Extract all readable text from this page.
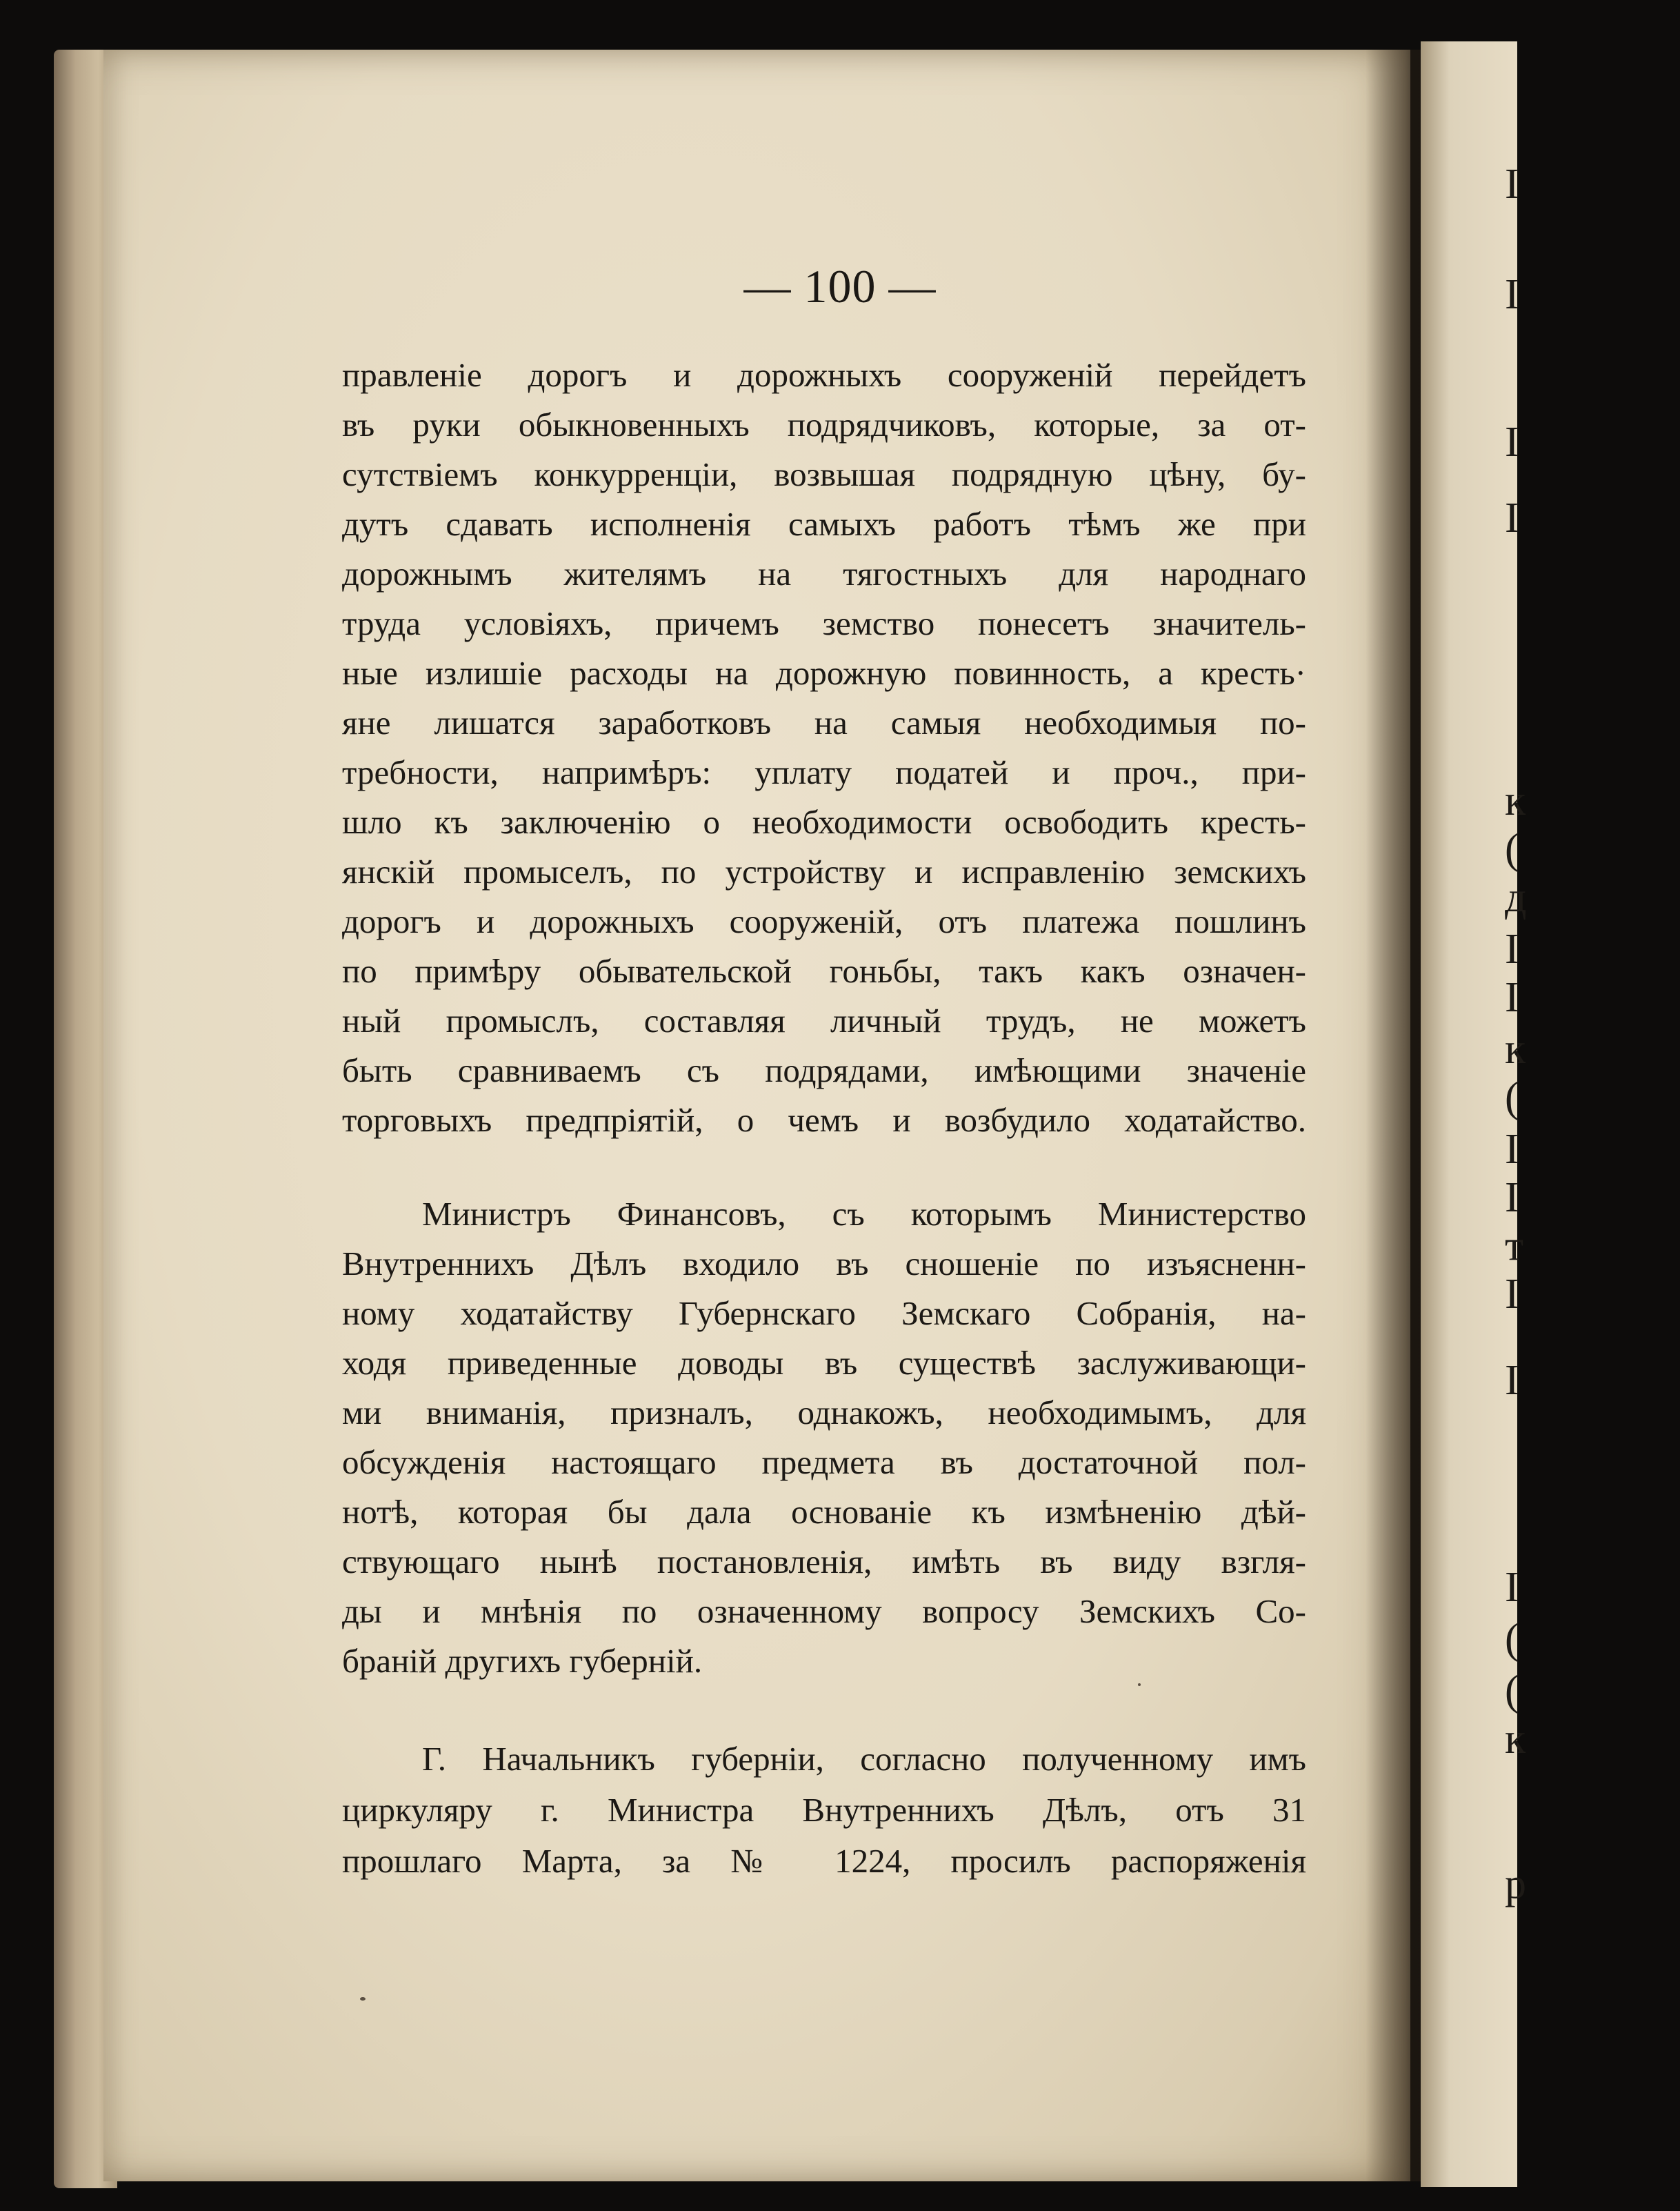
I
I
I
I
к
(
д
I
I
к
(
I
I
т
I
I
I
(
(
к
р
— 100 —
правленіе дорогъ и дорожныхъ сооруженій перейдетъ
въ руки обыкновенныхъ подрядчиковъ, которые, за от-
сутствіемъ конкурренціи, возвышая подрядную цѣну, бу-
дутъ сдавать исполненія самыхъ работъ тѣмъ же при
дорожнымъ жителямъ на тягостныхъ для народнаго
труда условіяхъ, причемъ земство понесетъ значитель-
ные излишіе расходы на дорожную повинность, а кресть·
яне лишатся заработковъ на самыя необходимыя по-
требности, напримѣръ: уплату податей и проч., при-
шло къ заключенію о необходимости освободить кресть-
янскій промыселъ, по устройству и исправленію земскихъ
дорогъ и дорожныхъ сооруженій, отъ платежа пошлинъ
по примѣру обывательской гоньбы, такъ какъ означен-
ный промыслъ, составляя личный трудъ, не можетъ
быть сравниваемъ съ подрядами, имѣющими значеніе
торговыхъ предпріятій, о чемъ и возбудило ходатайство.
Министръ Финансовъ, съ которымъ Министерство
Внутреннихъ Дѣлъ входило въ сношеніе по изъясненн-
ному ходатайству Губернскаго Земскаго Собранія, на-
ходя приведенные доводы въ существѣ заслуживающи-
ми вниманія, призналъ, однакожъ, необходимымъ, для
обсужденія настоящаго предмета въ достаточной пол-
нотѣ, которая бы дала основаніе къ измѣненію дѣй-
ствующаго нынѣ постановленія, имѣть въ виду взгля-
ды и мнѣнія по означенному вопросу Земскихъ Со-
браній другихъ губерній.
Г. Начальникъ губерніи, согласно полученному имъ
циркуляру г. Министра Внутреннихъ Дѣлъ, отъ 31
прошлаго Марта, за № 1224, просилъ распоряженія
